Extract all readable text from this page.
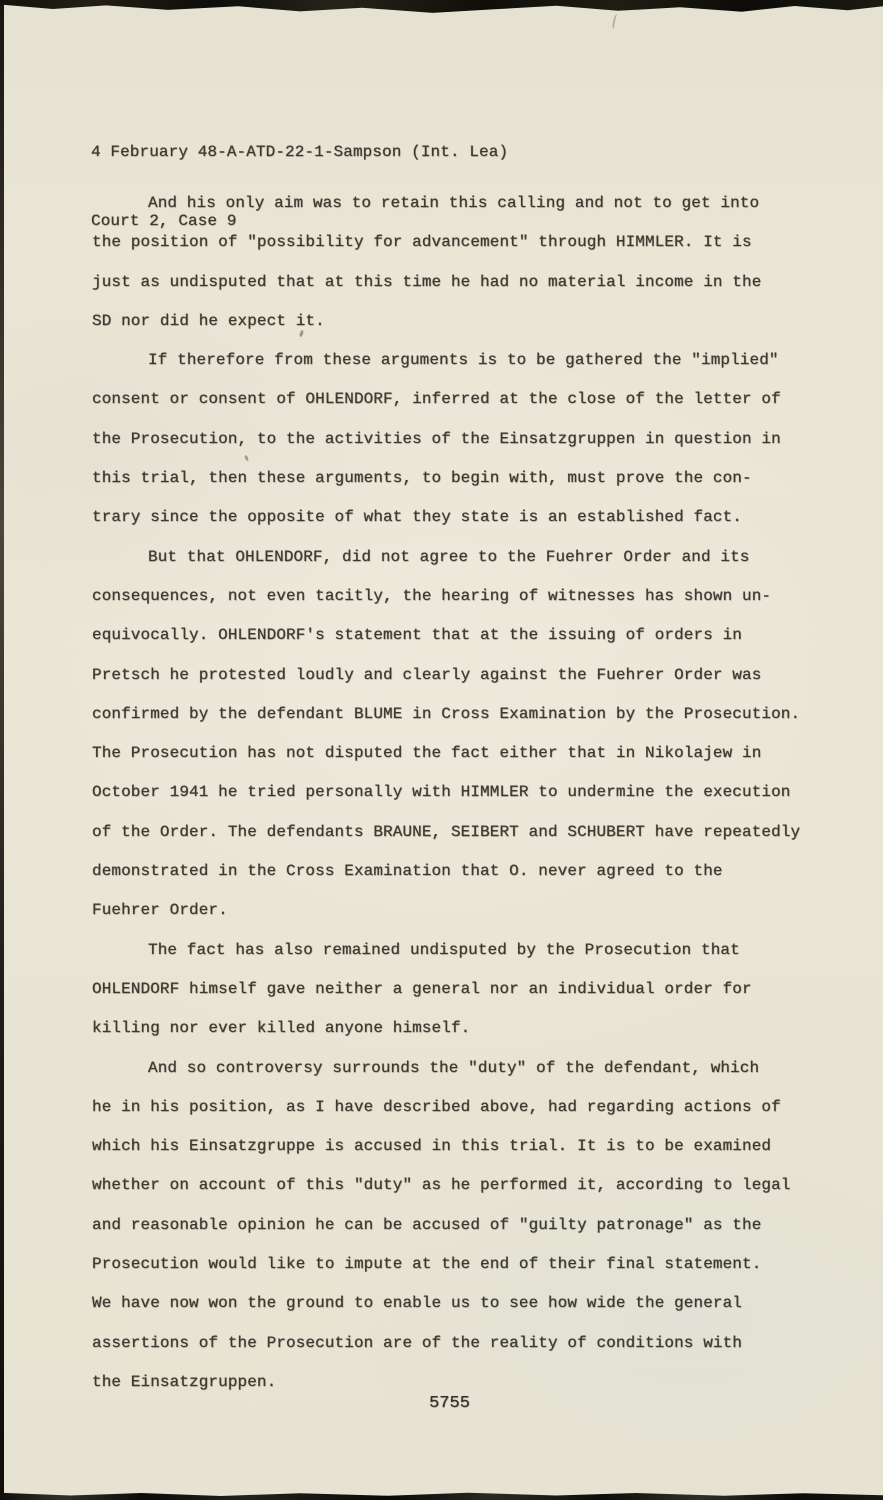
4 February 48-A-ATD-22-1-Sampson (Int. Lea)

Court 2, Case 9

And his only aim was to retain this calling and not to get into
the position of "possibility for advancement" through HIMMLER. It is
just as undisputed that at this time he had no material income in the
SD nor did he expect it.
If therefore from these arguments is to be gathered the "implied"
consent or consent of OHLENDORF, inferred at the close of the letter of
the Prosecution, to the activities of the Einsatzgruppen in question in
this trial, then these arguments, to begin with, must prove the con-
trary since the opposite of what they state is an established fact.
But that OHLENDORF, did not agree to the Fuehrer Order and its
consequences, not even tacitly, the hearing of witnesses has shown un-
equivocally. OHLENDORF's statement that at the issuing of orders in
Pretsch he protested loudly and clearly against the Fuehrer Order was
confirmed by the defendant BLUME in Cross Examination by the Prosecution.
The Prosecution has not disputed the fact either that in Nikolajew in
October 1941 he tried personally with HIMMLER to undermine the execution
of the Order. The defendants BRAUNE, SEIBERT and SCHUBERT have repeatedly
demonstrated in the Cross Examination that O. never agreed to the
Fuehrer Order.
The fact has also remained undisputed by the Prosecution that
OHLENDORF himself gave neither a general nor an individual order for
killing nor ever killed anyone himself.
And so controversy surrounds the "duty" of the defendant, which
he in his position, as I have described above, had regarding actions of
which his Einsatzgruppe is accused in this trial. It is to be examined
whether on account of this "duty" as he performed it, according to legal
and reasonable opinion he can be accused of "guilty patronage" as the
Prosecution would like to impute at the end of their final statement.
We have now won the ground to enable us to see how wide the general
assertions of the Prosecution are of the reality of conditions with
the Einsatzgruppen.
5755
